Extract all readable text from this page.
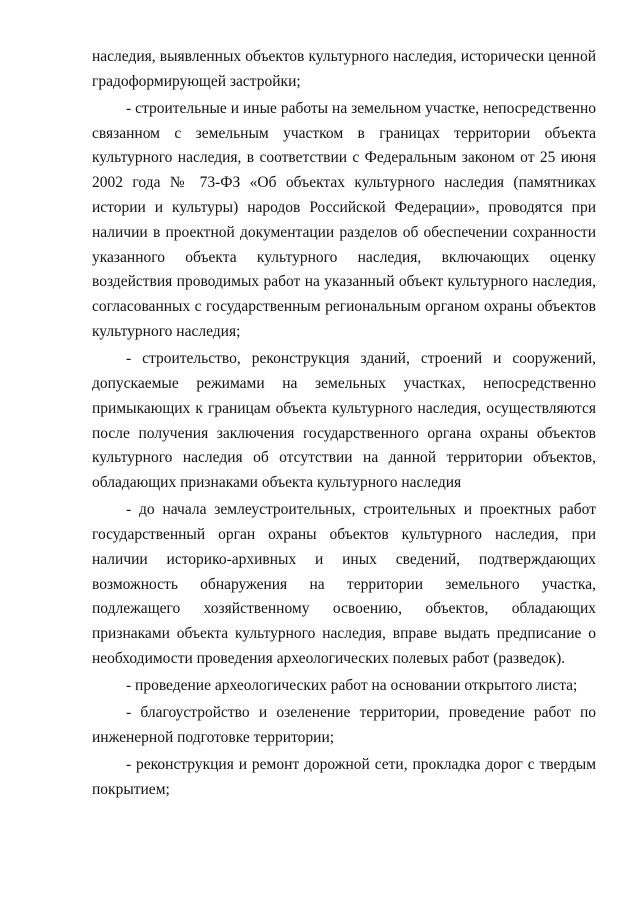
наследия, выявленных объектов культурного наследия, исторически ценной градоформирующей застройки;

- строительные и иные работы на земельном участке, непосредственно связанном с земельным участком в границах территории объекта культурного наследия, в соответствии с Федеральным законом от 25 июня 2002 года № 73-ФЗ «Об объектах культурного наследия (памятниках истории и культуры) народов Российской Федерации», проводятся при наличии в проектной документации разделов об обеспечении сохранности указанного объекта культурного наследия, включающих оценку воздействия проводимых работ на указанный объект культурного наследия, согласованных с государственным региональным органом охраны объектов культурного наследия;

- строительство, реконструкция зданий, строений и сооружений, допускаемые режимами на земельных участках, непосредственно примыкающих к границам объекта культурного наследия, осуществляются после получения заключения государственного органа охраны объектов культурного наследия об отсутствии на данной территории объектов, обладающих признаками объекта культурного наследия

- до начала землеустроительных, строительных и проектных работ государственный орган охраны объектов культурного наследия, при наличии историко-архивных и иных сведений, подтверждающих возможность обнаружения на территории земельного участка, подлежащего хозяйственному освоению, объектов, обладающих признаками объекта культурного наследия, вправе выдать предписание о необходимости проведения археологических полевых работ (разведок).

- проведение археологических работ на основании открытого листа;

- благоустройство и озеленение территории, проведение работ по инженерной подготовке территории;

- реконструкция и ремонт дорожной сети, прокладка дорог с твердым покрытием;
